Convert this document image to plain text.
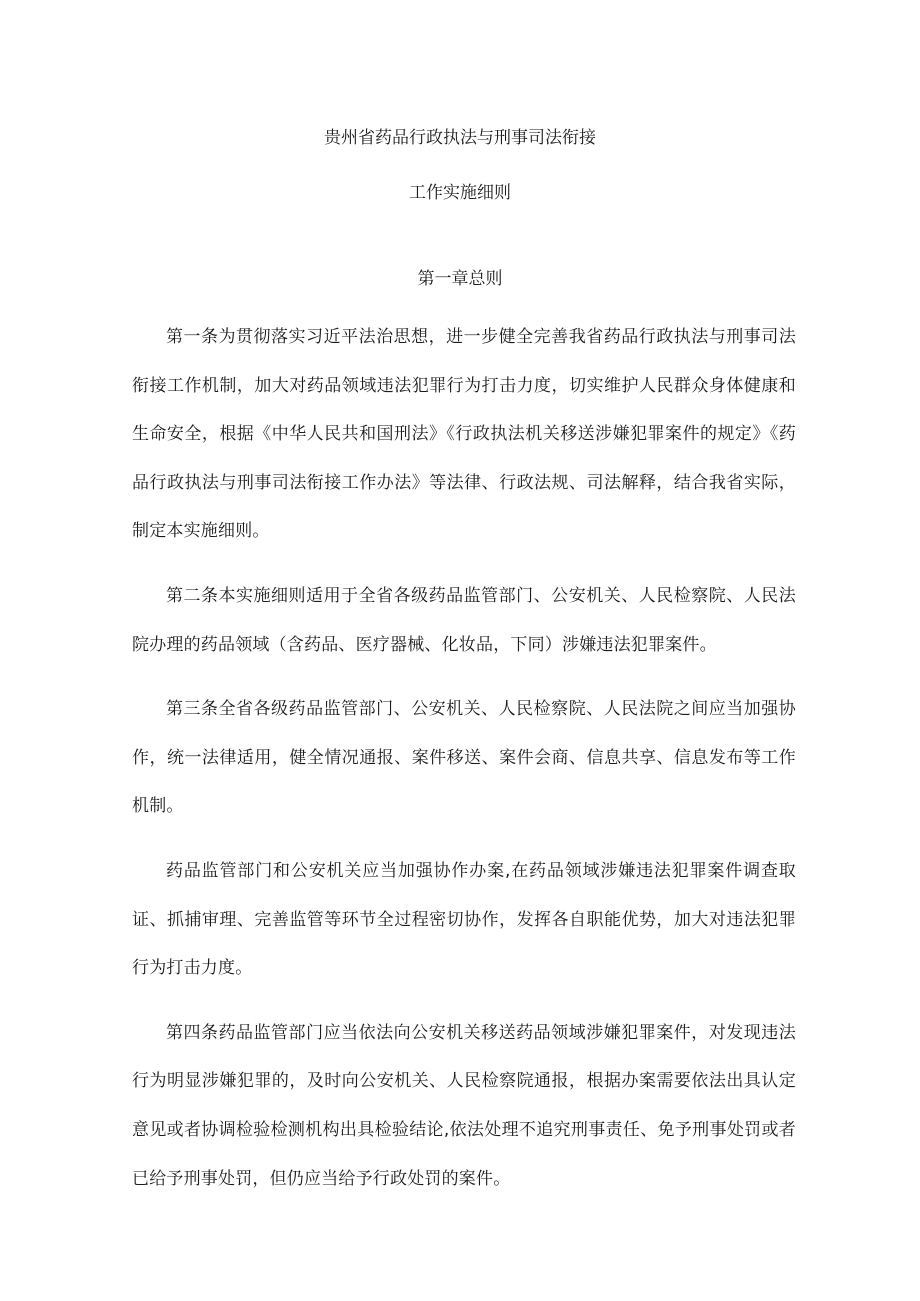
贵州省药品行政执法与刑事司法衔接
工作实施细则
第一章总则

第一条为贯彻落实习近平法治思想，进一步健全完善我省药品行政执法与刑事司法衔接工作机制，加大对药品领域违法犯罪行为打击力度，切实维护人民群众身体健康和生命安全，根据《中华人民共和国刑法》《行政执法机关移送涉嫌犯罪案件的规定》《药品行政执法与刑事司法衔接工作办法》等法律、行政法规、司法解释，结合我省实际，制定本实施细则。

第二条本实施细则适用于全省各级药品监管部门、公安机关、人民检察院、人民法院办理的药品领域（含药品、医疗器械、化妆品，下同）涉嫌违法犯罪案件。

第三条全省各级药品监管部门、公安机关、人民检察院、人民法院之间应当加强协作，统一法律适用，健全情况通报、案件移送、案件会商、信息共享、信息发布等工作机制。

药品监管部门和公安机关应当加强协作办案,在药品领域涉嫌违法犯罪案件调查取证、抓捕审理、完善监管等环节全过程密切协作，发挥各自职能优势，加大对违法犯罪行为打击力度。

第四条药品监管部门应当依法向公安机关移送药品领域涉嫌犯罪案件，对发现违法行为明显涉嫌犯罪的，及时向公安机关、人民检察院通报，根据办案需要依法出具认定意见或者协调检验检测机构出具检验结论,依法处理不追究刑事责任、免予刑事处罚或者已给予刑事处罚，但仍应当给予行政处罚的案件。
